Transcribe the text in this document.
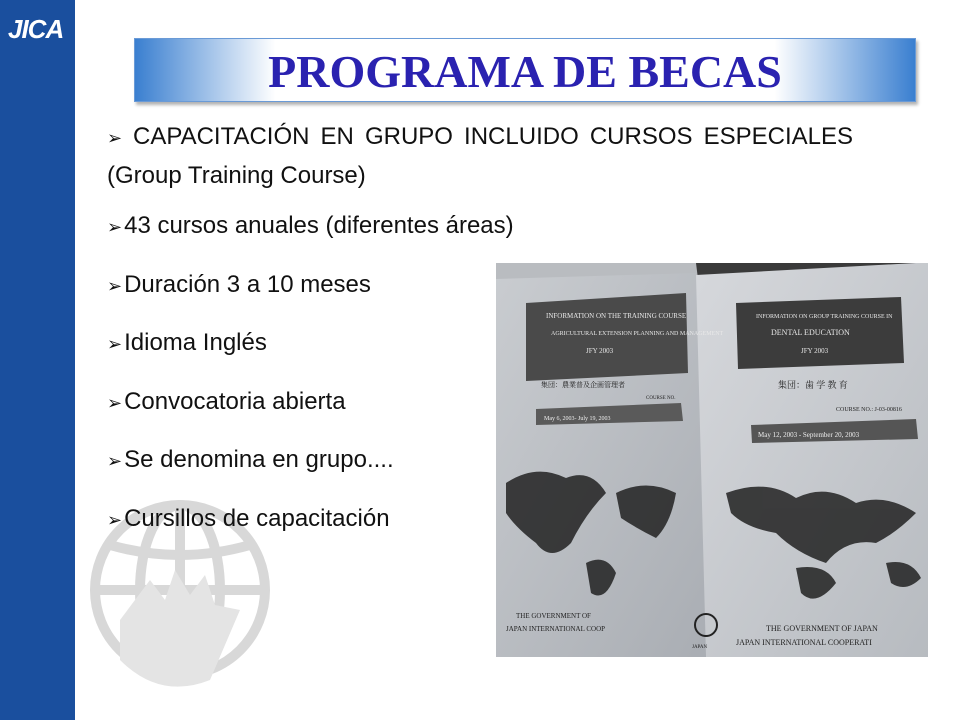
JICA
PROGRAMA DE BECAS
➢ CAPACITACIÓN EN GRUPO INCLUIDO CURSOS ESPECIALES (Group Training Course)
➢43 cursos anuales (diferentes áreas)
➢Duración 3 a 10 meses
➢Idioma Inglés
➢Convocatoria abierta
➢Se denomina en grupo....
➢Cursillos de capacitación
INFORMATION ON THE TRAINING COURSE
AGRICULTURAL EXTENSION PLANNING AND MANAGEMENT
JFY 2003
INFORMATION ON GROUP TRAINING COURSE IN
DENTAL EDUCATION
JFY 2003
集団：農業普及企画管理者
COURSE NO.
May 6, 2003- July 19, 2003
集団：歯 学 教 育
COURSE NO.: J-03-00816
May 12, 2003 - September 20, 2003
THE GOVERNMENT OF
JAPAN INTERNATIONAL COOP	THE GOVERNMENT OF JAPAN
JAPAN INTERNATIONAL COOPERATI
JAPAN
